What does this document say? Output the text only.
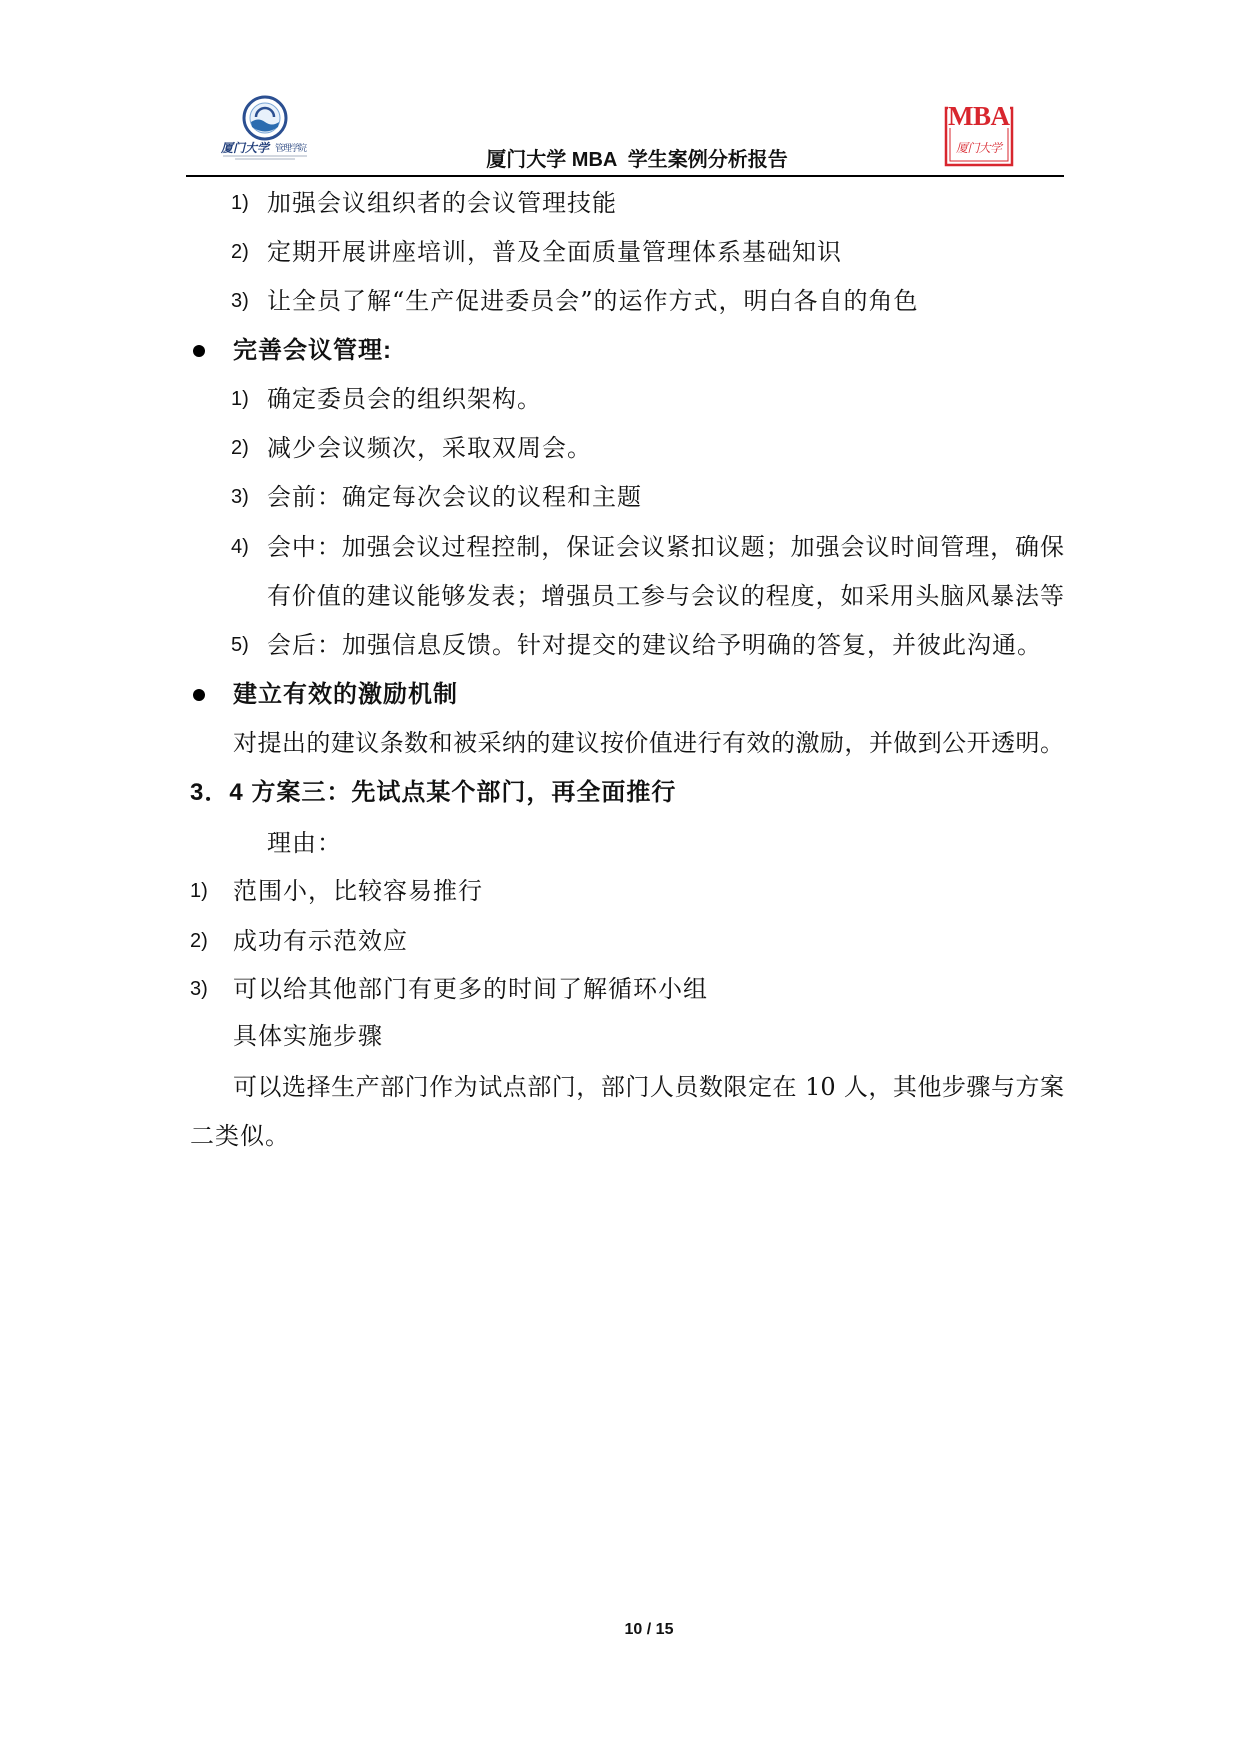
厦门大学 管理学院	厦门大学 MBA  学生案例分析报告
MBA
厦门大学
1) 加强会议组织者的会议管理技能
2) 定期开展讲座培训，普及全面质量管理体系基础知识
3) 让全员了解“生产促进委员会”的运作方式，明白各自的角色
完善会议管理:
1) 确定委员会的组织架构。
2) 减少会议频次，采取双周会。
3) 会前：确定每次会议的议程和主题
4) 会中：加强会议过程控制，保证会议紧扣议题；加强会议时间管理，确保
有价值的建议能够发表；增强员工参与会议的程度，如采用头脑风暴法等
5) 会后：加强信息反馈。针对提交的建议给予明确的答复，并彼此沟通。
建立有效的激励机制
对提出的建议条数和被采纳的建议按价值进行有效的激励，并做到公开透明。
3．4 方案三：先试点某个部门，再全面推行
理由：
1) 范围小，比较容易推行
2) 成功有示范效应
3) 可以给其他部门有更多的时间了解循环小组
具体实施步骤
可以选择生产部门作为试点部门，部门人员数限定在 10 人，其他步骤与方案
二类似。
10 / 15
